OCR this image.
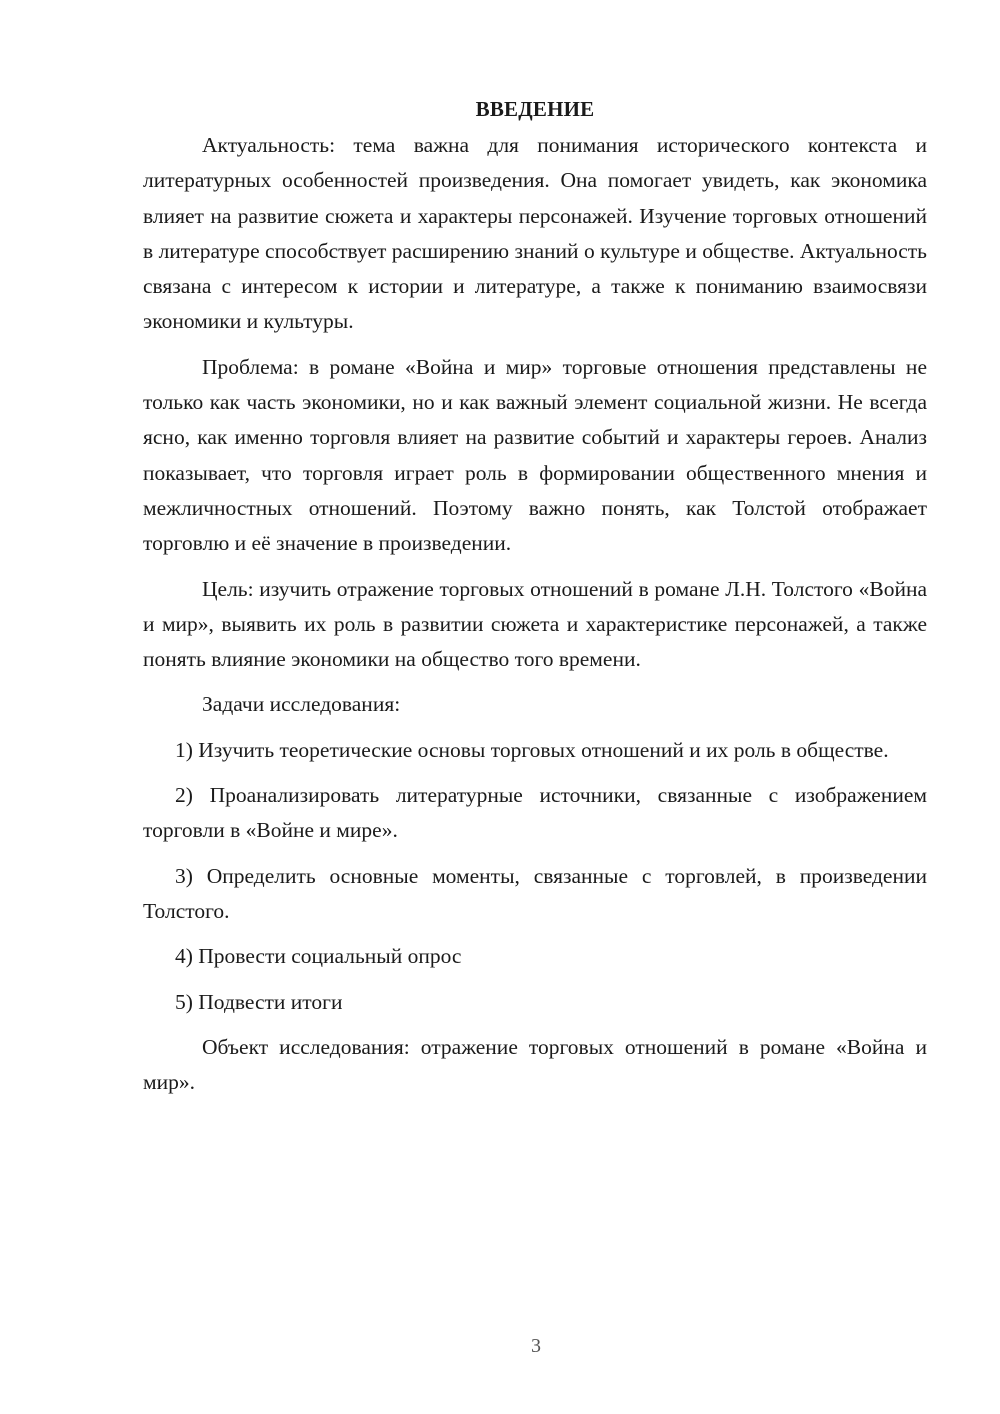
ВВЕДЕНИЕ

Актуальность: тема важна для понимания исторического контекста и литературных особенностей произведения. Она помогает увидеть, как экономика влияет на развитие сюжета и характеры персонажей. Изучение торговых отношений в литературе способствует расширению знаний о культуре и обществе. Актуальность связана с интересом к истории и литературе, а также к пониманию взаимосвязи экономики и культуры.

Проблема: в романе «Война и мир» торговые отношения представлены не только как часть экономики, но и как важный элемент социальной жизни. Не всегда ясно, как именно торговля влияет на развитие событий и характеры героев. Анализ показывает, что торговля играет роль в формировании общественного мнения и межличностных отношений. Поэтому важно понять, как Толстой отображает торговлю и её значение в произведении.

Цель: изучить отражение торговых отношений в романе Л.Н. Толстого «Война и мир», выявить их роль в развитии сюжета и характеристике персонажей, а также понять влияние экономики на общество того времени.

Задачи исследования:

1) Изучить теоретические основы торговых отношений и их роль в обществе.

2) Проанализировать литературные источники, связанные с изображением торговли в «Войне и мире».

3) Определить основные моменты, связанные с торговлей, в произведении Толстого.

4) Провести социальный опрос

5) Подвести итоги

Объект исследования: отражение торговых отношений в романе «Война и мир».

3
